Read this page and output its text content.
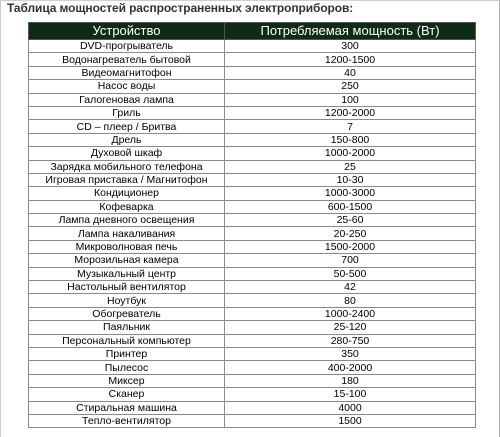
Таблица мощностей распространенных электроприборов:
Устройство	Потребляемая мощность (Вт)
DVD-прогрыватель	300
Водонагреватель бытовой	1200-1500
Видеомагнитофон	40
Насос воды	250
Галогеновая лампа	100
Гриль	1200-2000
CD – плеер / Бритва	7
Дрель	150-800
Духовой шкаф	1000-2000
Зарядка мобильного телефона	25
Игровая приставка / Магнитофон	10-30
Кондиционер	1000-3000
Кофеварка	600-1500
Лампа дневного освещения	25-60
Лампа накаливания	20-250
Микроволновая печь	1500-2000
Морозильная камера	700
Музыкальный центр	50-500
Настольный вентилятор	42
Ноутбук	80
Обогреватель	1000-2400
Паяльник	25-120
Персональный компьютер	280-750
Принтер	350
Пылесос	400-2000
Миксер	180
Сканер	15-100
Стиральная машина	4000
Тепло-вентилятор	1500
